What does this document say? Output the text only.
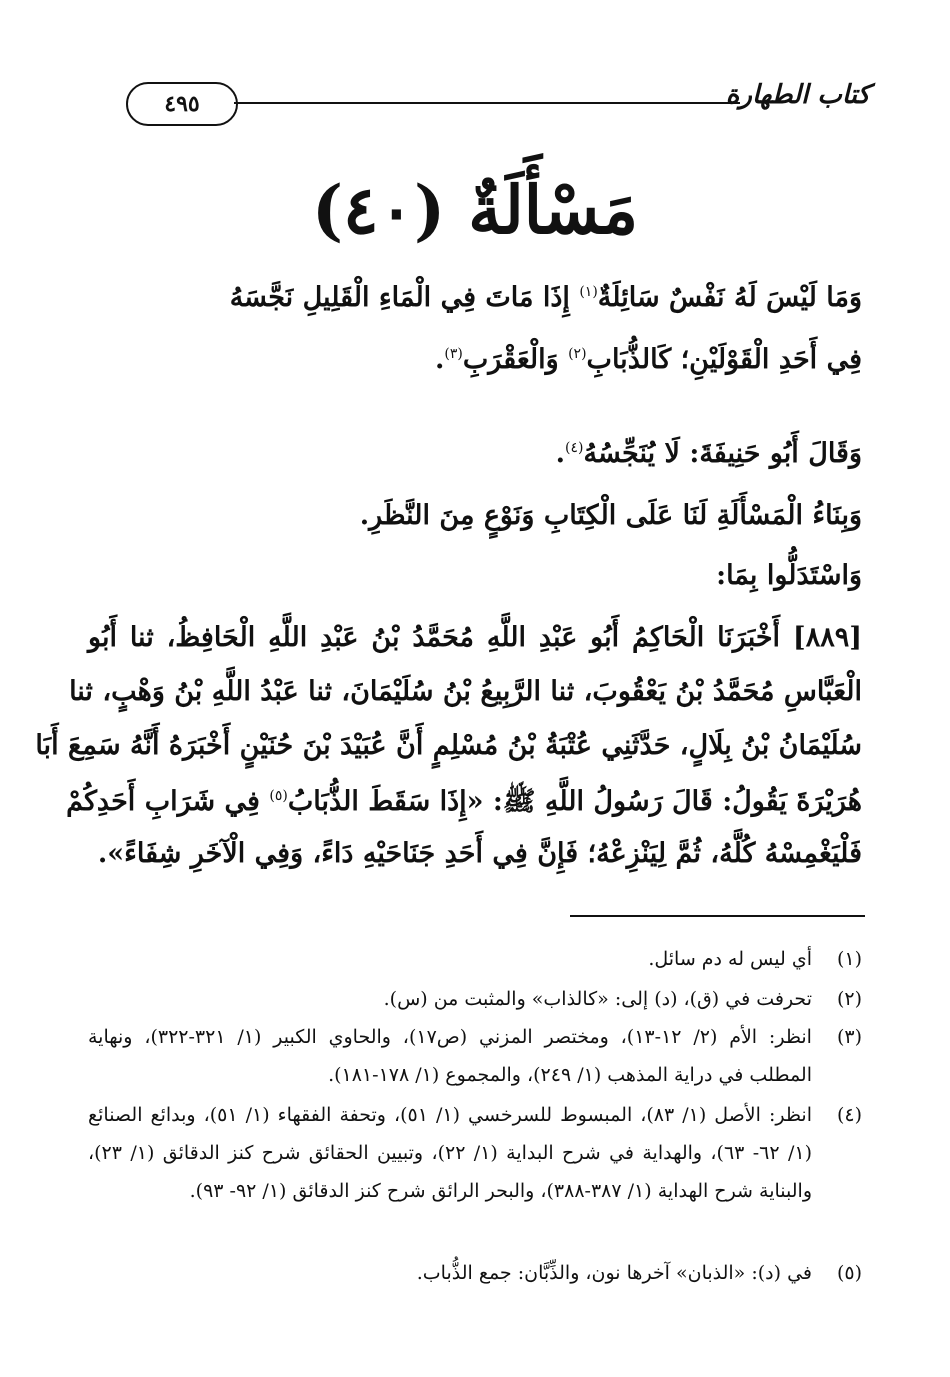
٤٩٥	كتاب الطهارة
مَسْأَلَةٌ (٤٠)
وَمَا لَيْسَ لَهُ نَفْسٌ سَائِلَةٌ$^{(١)}$ إِذَا مَاتَ فِي الْمَاءِ الْقَلِيلِ نَجَّسَهُ
فِي أَحَدِ الْقَوْلَيْنِ؛ كَالذُّبَابِ$^{(٢)}$ وَالْعَقْرَبِ$^{(٣)}$.
وَقَالَ أَبُو حَنِيفَةَ: لَا يُنَجِّسُهُ$^{(٤)}$.
وَبِنَاءُ الْمَسْأَلَةِ لَنَا عَلَى الْكِتَابِ وَنَوْعٍ مِنَ النَّظَرِ.
وَاسْتَدَلُّوا بِمَا:
[٨٨٩] أَخْبَرَنَا الْحَاكِمُ أَبُو عَبْدِ اللَّهِ مُحَمَّدُ بْنُ عَبْدِ اللَّهِ الْحَافِظُ، ثنا أَبُو
الْعَبَّاسِ مُحَمَّدُ بْنُ يَعْقُوبَ، ثنا الرَّبِيعُ بْنُ سُلَيْمَانَ، ثنا عَبْدُ اللَّهِ بْنُ وَهْبٍ، ثنا
سُلَيْمَانُ بْنُ بِلَالٍ، حَدَّثَنِي عُتْبَةُ بْنُ مُسْلِمٍ أَنَّ عُبَيْدَ بْنَ حُنَيْنٍ أَخْبَرَهُ أَنَّهُ سَمِعَ أَبَا
هُرَيْرَةَ يَقُولُ: قَالَ رَسُولُ اللَّهِ ﷺ: «إِذَا سَقَطَ الذُّبَابُ$^{(٥)}$ فِي شَرَابِ أَحَدِكُمْ
فَلْيَغْمِسْهُ كُلَّهُ، ثُمَّ لِيَنْزِعْهُ؛ فَإِنَّ فِي أَحَدِ جَنَاحَيْهِ دَاءً، وَفِي الْآخَرِ شِفَاءً».
(١)
أي ليس له دم سائل.
(٢)
تحرفت في (ق)، (د) إلى: «كالذاب» والمثبت من (س).
(٣)
انظر: الأم (٢/ ١٢-١٣)، ومختصر المزني (ص١٧)، والحاوي الكبير (١/ ٣٢١-٣٢٢)، ونهاية المطلب في دراية المذهب (١/ ٢٤٩)، والمجموع (١/ ١٧٨-١٨١).
(٤)
انظر: الأصل (١/ ٨٣)، المبسوط للسرخسي (١/ ٥١)، وتحفة الفقهاء (١/ ٥١)، وبدائع الصنائع (١/ ٦٢- ٦٣)، والهداية في شرح البداية (١/ ٢٢)، وتبيين الحقائق شرح كنز الدقائق (١/ ٢٣)، والبناية شرح الهداية (١/ ٣٨٧-٣٨٨)، والبحر الرائق شرح كنز الدقائق (١/ ٩٢- ٩٣).
(٥)
في (د): «الذبان» آخرها نون، والذِّبَّان: جمع الذُّباب.
